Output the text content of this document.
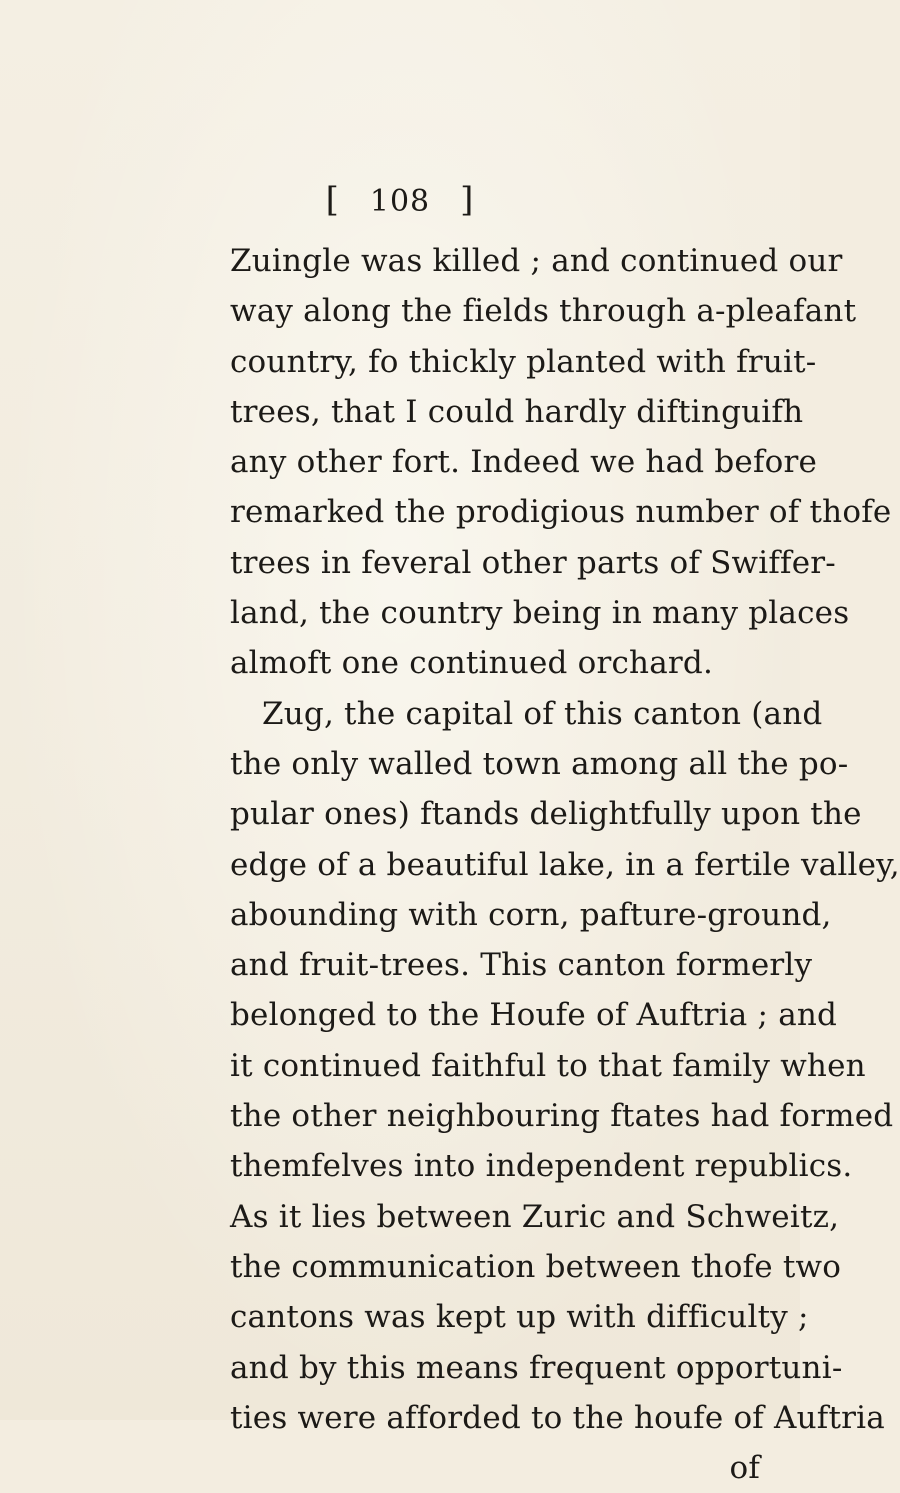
[ 108 ]
Zuingle was killed ; and continued our
way along the fields through a-pleafant
country, fo thickly planted with fruit-
trees, that I could hardly diftinguifh
any other fort. Indeed we had before
remarked the prodigious number of thofe
trees in feveral other parts of Swiffer-
land, the country being in many places
almoft one continued orchard.
Zug, the capital of this canton (and
the only walled town among all the po-
pular ones) ftands delightfully upon the
edge of a beautiful lake, in a fertile valley,
abounding with corn, pafture-ground,
and fruit-trees. This canton formerly
belonged to the Houfe of Auftria ; and
it continued faithful to that family when
the other neighbouring ftates had formed
themfelves into independent republics.
As it lies between Zuric and Schweitz,
the communication between thofe two
cantons was kept up with difficulty ;
and by this means frequent opportuni-
ties were afforded to the houfe of Auftria
of
